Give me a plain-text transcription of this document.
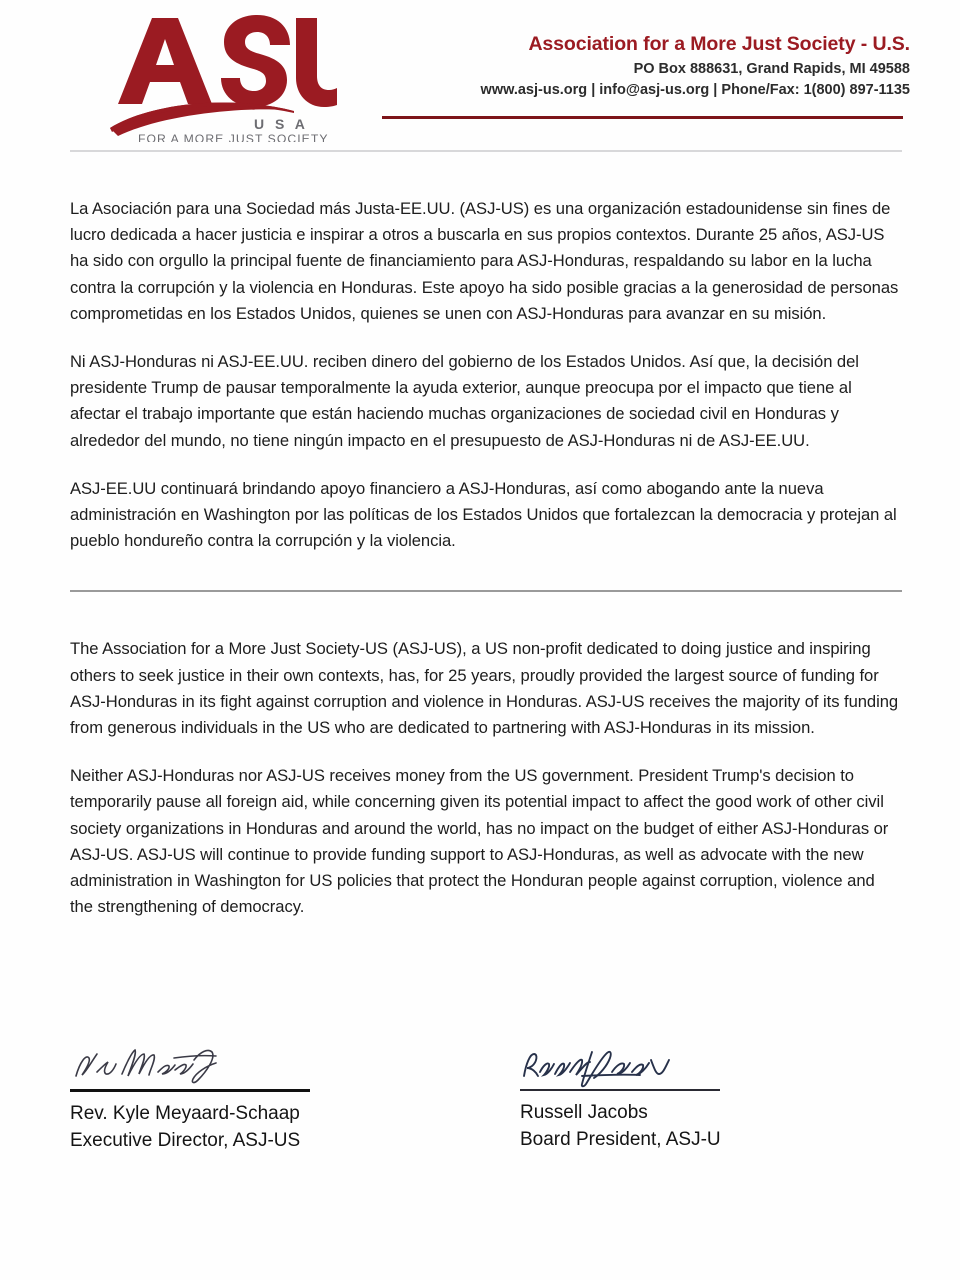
U S A
FOR A MORE JUST SOCIETY
Association for a More Just Society - U.S.
PO Box 888631, Grand Rapids, MI 49588
www.asj-us.org | info@asj-us.org | Phone/Fax: 1(800) 897-1135

La Asociación para una Sociedad más Justa-EE.UU. (ASJ-US) es una organización estadounidense sin fines de lucro dedicada a hacer justicia e inspirar a otros a buscarla en sus propios contextos. Durante 25 años, ASJ-US ha sido con orgullo la principal fuente de financiamiento para ASJ-Honduras, respaldando su labor en la lucha contra la corrupción y la violencia en Honduras. Este apoyo ha sido posible gracias a la generosidad de personas comprometidas en los Estados Unidos, quienes se unen con ASJ-Honduras para avanzar en su misión.

Ni ASJ-Honduras ni ASJ-EE.UU. reciben dinero del gobierno de los Estados Unidos. Así que, la decisión del presidente Trump de pausar temporalmente la ayuda exterior, aunque preocupa por el impacto que tiene al afectar el trabajo importante que están haciendo muchas organizaciones de sociedad civil en Honduras y alrededor del mundo, no tiene ningún impacto en el presupuesto de ASJ-Honduras ni de ASJ-EE.UU.

ASJ-EE.UU continuará brindando apoyo financiero a ASJ-Honduras, así como abogando ante la nueva administración en Washington por las políticas de los Estados Unidos que fortalezcan la democracia y protejan al pueblo hondureño contra la corrupción y la violencia.

The Association for a More Just Society-US (ASJ-US), a US non-profit dedicated to doing justice and inspiring others to seek justice in their own contexts, has, for 25 years, proudly provided the largest source of funding for ASJ-Honduras in its fight against corruption and violence in Honduras. ASJ-US receives the majority of its funding from generous individuals in the US who are dedicated to partnering with ASJ-Honduras in its mission.

Neither ASJ-Honduras nor ASJ-US receives money from the US government. President Trump's decision to temporarily pause all foreign aid, while concerning given its potential impact to affect the good work of other civil society organizations in Honduras and around the world, has no impact on the budget of either ASJ-Honduras or ASJ-US. ASJ-US will continue to provide funding support to ASJ-Honduras, as well as advocate with the new administration in Washington for US policies that protect the Honduran people against corruption, violence and the strengthening of democracy.

Rev. Kyle Meyaard-Schaap
Executive Director, ASJ-US
Russell Jacobs
Board President, ASJ-U
